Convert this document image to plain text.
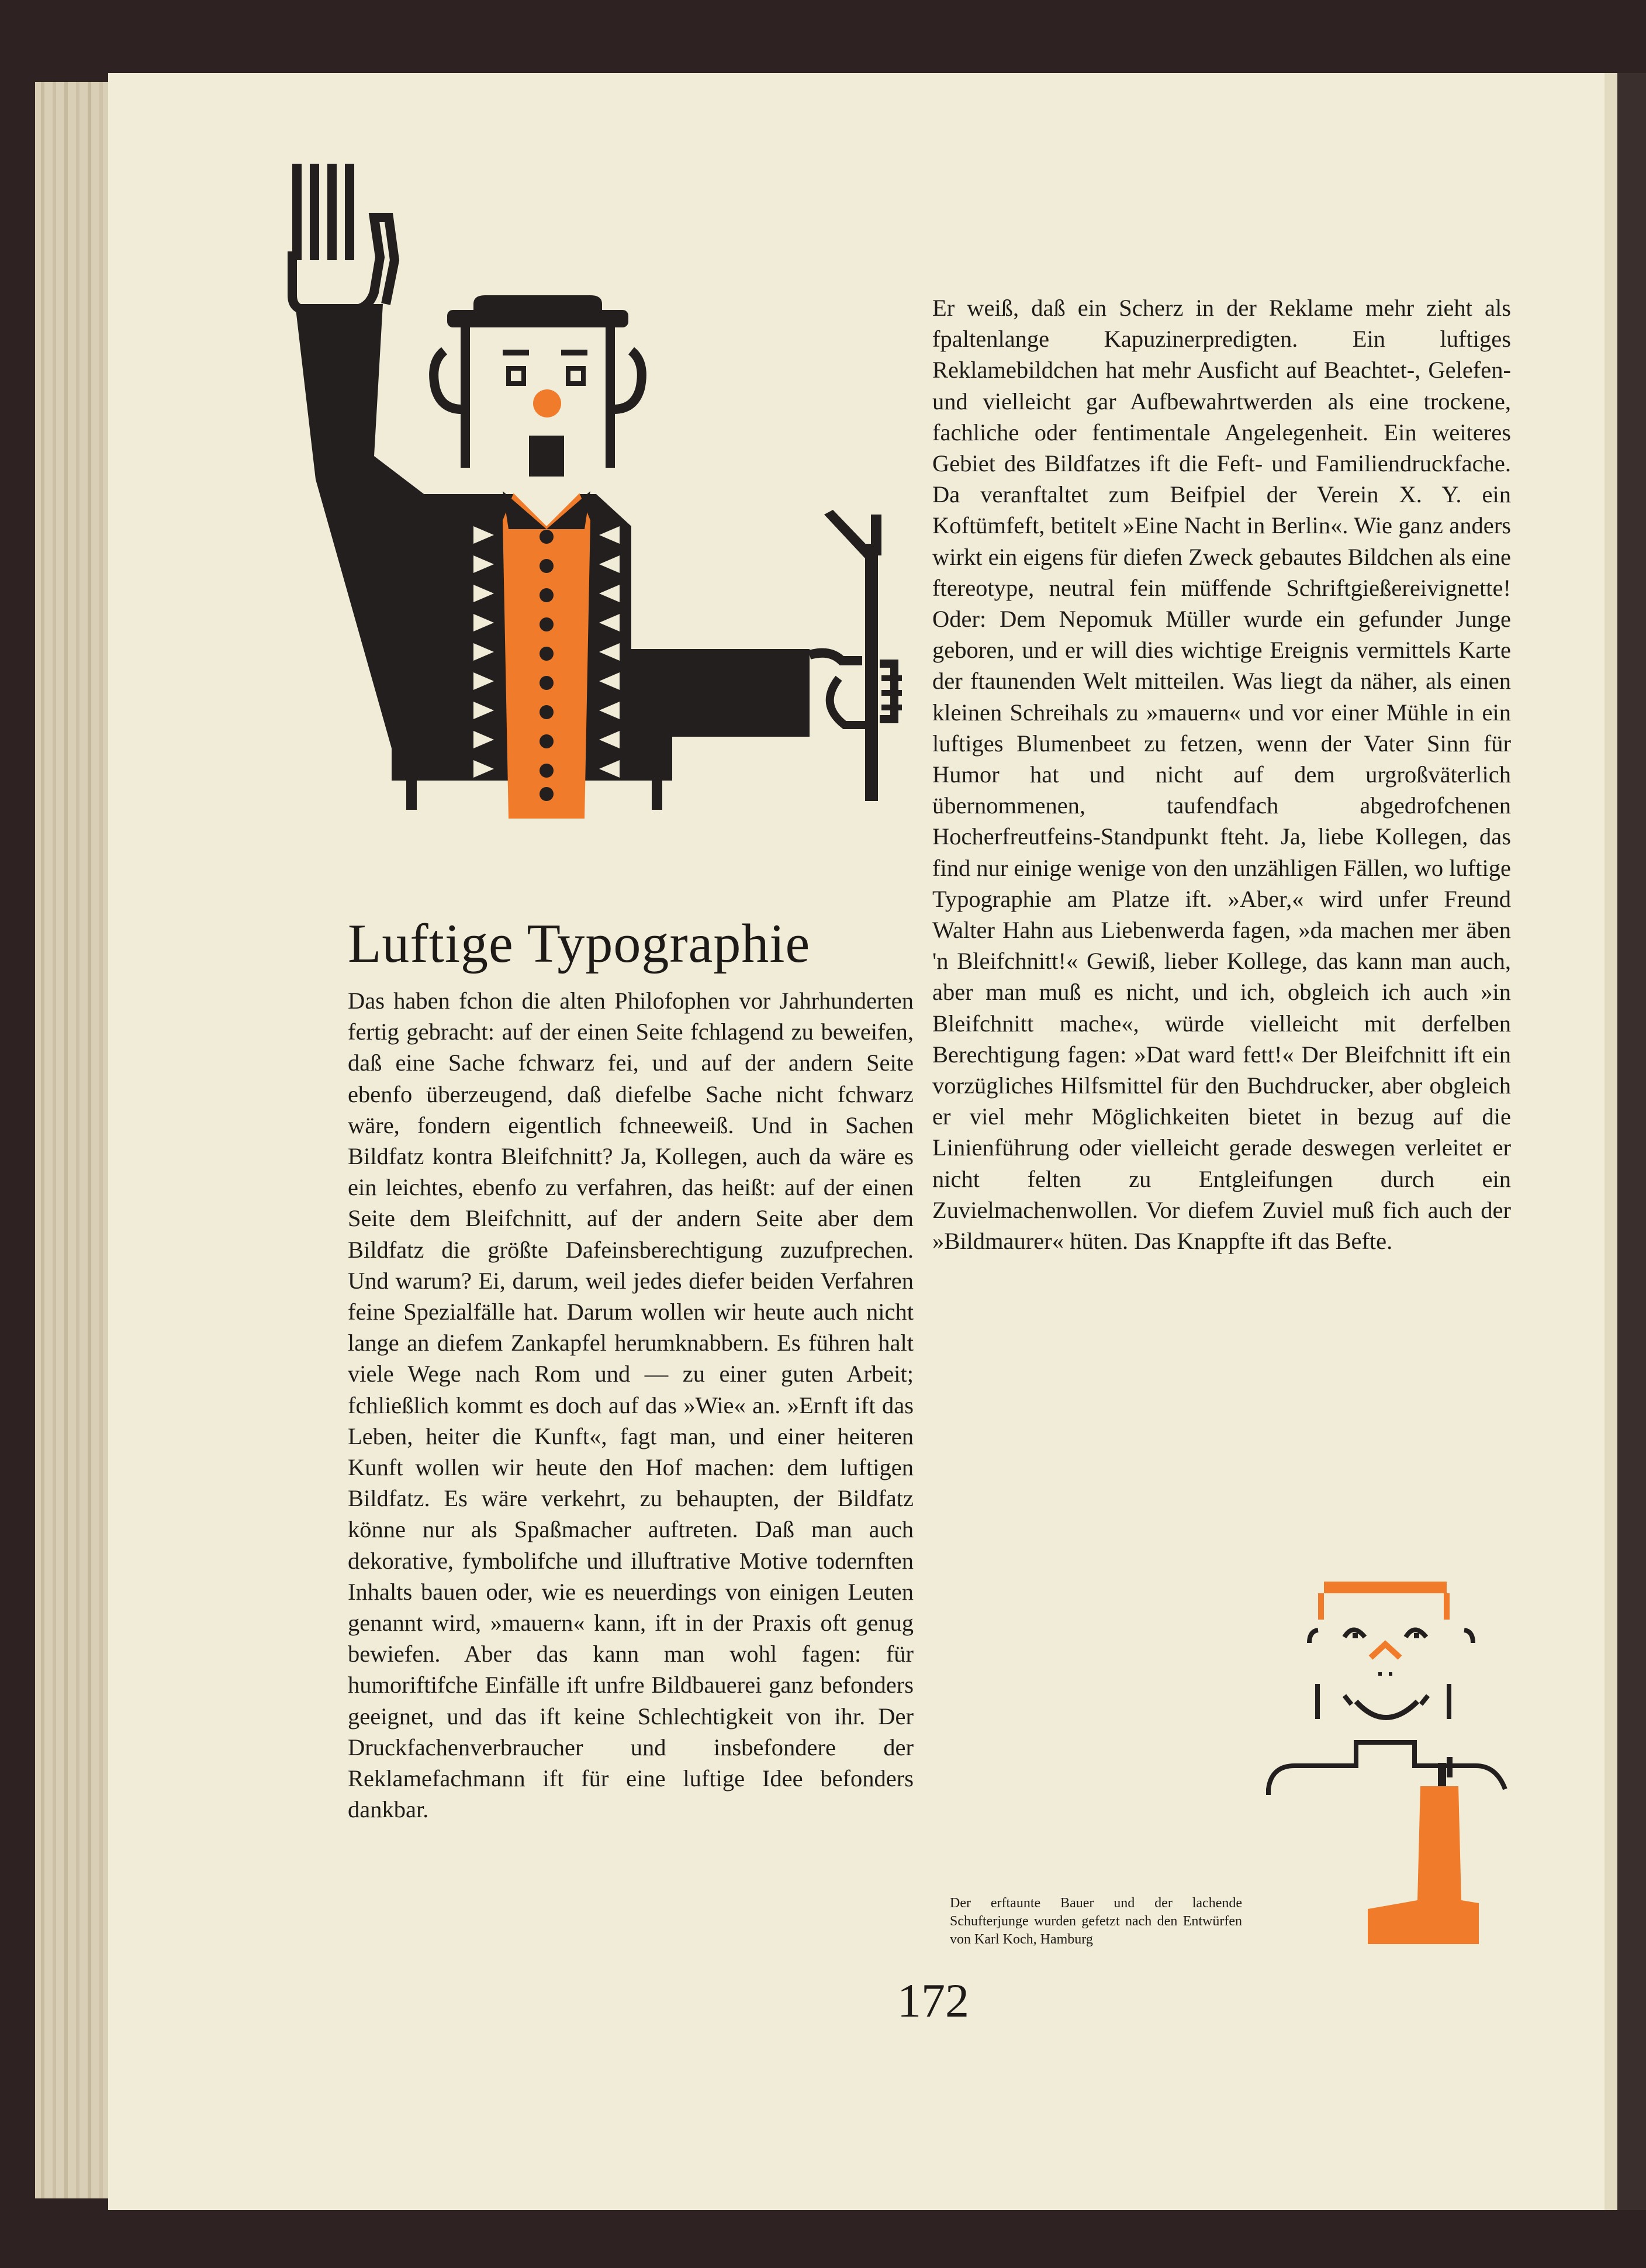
Luftige Typographie

Das haben fchon die alten Philofophen vor Jahrhunderten fertig gebracht: auf der einen Seite fchlagend zu beweifen, daß eine Sache fchwarz fei, und auf der andern Seite ebenfo überzeugend, daß diefelbe Sache nicht fchwarz wäre, fondern eigentlich fchneeweiß. Und in Sachen Bildfatz kontra Bleifchnitt? Ja, Kollegen, auch da wäre es ein leichtes, ebenfo zu verfahren, das heißt: auf der einen Seite dem Bleifchnitt, auf der andern Seite aber dem Bildfatz die größte Dafeinsberechtigung zuzufprechen. Und warum? Ei, darum, weil jedes diefer beiden Verfahren feine Spezialfälle hat. Darum wollen wir heute auch nicht lange an diefem Zankapfel herumknabbern. Es führen halt viele Wege nach Rom und — zu einer guten Arbeit; fchließlich kommt es doch auf das »Wie« an. »Ernft ift das Leben, heiter die Kunft«, fagt man, und einer heiteren Kunft wollen wir heute den Hof machen: dem luftigen Bildfatz. Es wäre verkehrt, zu behaupten, der Bildfatz könne nur als Spaßmacher auftreten. Daß man auch dekorative, fymbolifche und illuftrative Motive todernften Inhalts bauen oder, wie es neuerdings von einigen Leuten genannt wird, »mauern« kann, ift in der Praxis oft genug bewiefen. Aber das kann man wohl fagen: für humoriftifche Einfälle ift unfre Bildbauerei ganz befonders geeignet, und das ift keine Schlechtigkeit von ihr. Der Druckfachenverbraucher und insbefondere der Reklamefachmann ift für eine luftige Idee befonders dankbar.

Er weiß, daß ein Scherz in der Reklame mehr zieht als fpaltenlange Kapuzinerpredigten. Ein luftiges Reklamebildchen hat mehr Ausficht auf Beachtet-, Gelefen- und vielleicht gar Aufbewahrtwerden als eine trockene, fachliche oder fentimentale Angelegenheit. Ein weiteres Gebiet des Bildfatzes ift die Feft- und Familiendruckfache. Da veranftaltet zum Beifpiel der Verein X. Y. ein Koftümfeft, betitelt »Eine Nacht in Berlin«. Wie ganz anders wirkt ein eigens für diefen Zweck gebautes Bildchen als eine ftereotype, neutral fein müffende Schriftgießereivignette! Oder: Dem Nepomuk Müller wurde ein gefunder Junge geboren, und er will dies wichtige Ereignis vermittels Karte der ftaunenden Welt mitteilen. Was liegt da näher, als einen kleinen Schreihals zu »mauern« und vor einer Mühle in ein luftiges Blumenbeet zu fetzen, wenn der Vater Sinn für Humor hat und nicht auf dem urgroßväterlich übernommenen, taufendfach abgedrofchenen Hocherfreutfeins-Standpunkt fteht. Ja, liebe Kollegen, das find nur einige wenige von den unzähligen Fällen, wo luftige Typographie am Platze ift. »Aber,« wird unfer Freund Walter Hahn aus Liebenwerda fagen, »da machen mer äben 'n Bleifchnitt!« Gewiß, lieber Kollege, das kann man auch, aber man muß es nicht, und ich, obgleich ich auch »in Bleifchnitt mache«, würde vielleicht mit derfelben Berechtigung fagen: »Dat ward fett!« Der Bleifchnitt ift ein vorzügliches Hilfsmittel für den Buchdrucker, aber obgleich er viel mehr Möglichkeiten bietet in bezug auf die Linienführung oder vielleicht gerade deswegen verleitet er nicht felten zu Entgleifungen durch ein Zuvielmachenwollen. Vor diefem Zuviel muß fich auch der »Bildmaurer« hüten. Das Knappfte ift das Befte.

Der erftaunte Bauer und der lachende Schufterjunge wurden gefetzt nach den Entwürfen von Karl Koch, Hamburg
172
